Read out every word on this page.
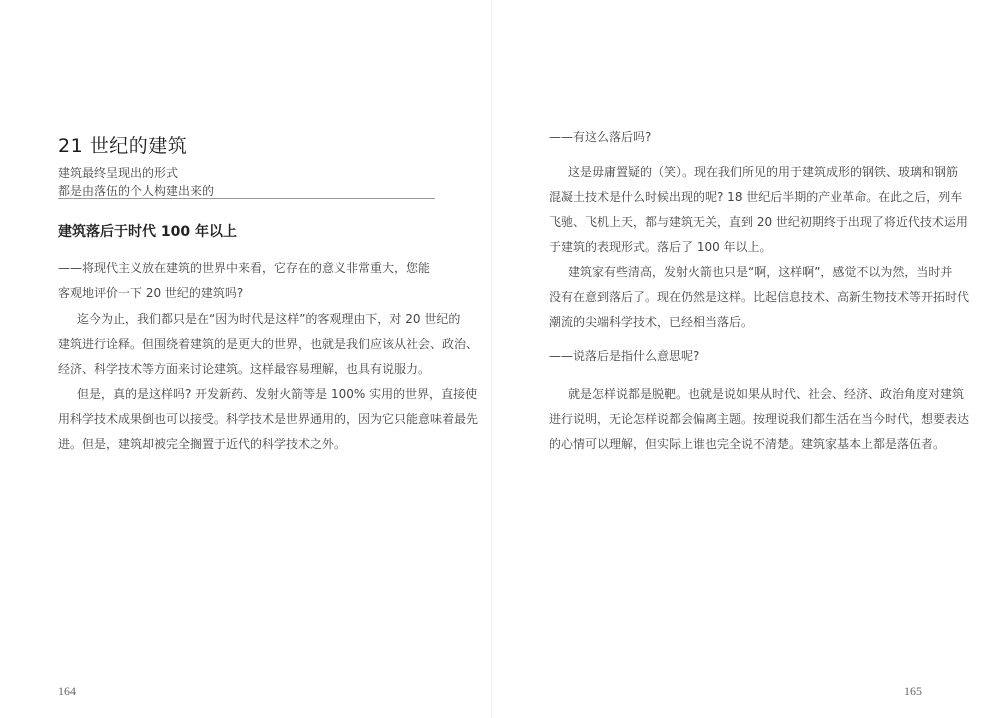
21 世纪的建筑
建筑最终呈现出的形式
都是由落伍的个人构建出来的
建筑落后于时代 100 年以上
——将现代主义放在建筑的世界中来看，它存在的意义非常重大，您能
客观地评价一下 20 世纪的建筑吗?
迄今为止，我们都只是在“因为时代是这样”的客观理由下，对 20 世纪的
建筑进行诠释。但围绕着建筑的是更大的世界，也就是我们应该从社会、政治、
经济、科学技术等方面来讨论建筑。这样最容易理解，也具有说服力。
但是，真的是这样吗? 开发新药、发射火箭等是 100% 实用的世界，直接使
用科学技术成果倒也可以接受。科学技术是世界通用的，因为它只能意味着最先
进。但是，建筑却被完全搁置于近代的科学技术之外。
164
——有这么落后吗?
这是毋庸置疑的（笑）。现在我们所见的用于建筑成形的钢铁、玻璃和钢筋
混凝土技术是什么时候出现的呢? 18 世纪后半期的产业革命。在此之后，列车
飞驰、飞机上天，都与建筑无关，直到 20 世纪初期终于出现了将近代技术运用
于建筑的表现形式。落后了 100 年以上。
建筑家有些清高，发射火箭也只是“啊，这样啊”，感觉不以为然，当时并
没有在意到落后了。现在仍然是这样。比起信息技术、高新生物技术等开拓时代
潮流的尖端科学技术，已经相当落后。
——说落后是指什么意思呢?
就是怎样说都是脱靶。也就是说如果从时代、社会、经济、政治角度对建筑
进行说明，无论怎样说都会偏离主题。按理说我们都生活在当今时代，想要表达
的心情可以理解，但实际上谁也完全说不清楚。建筑家基本上都是落伍者。
165
